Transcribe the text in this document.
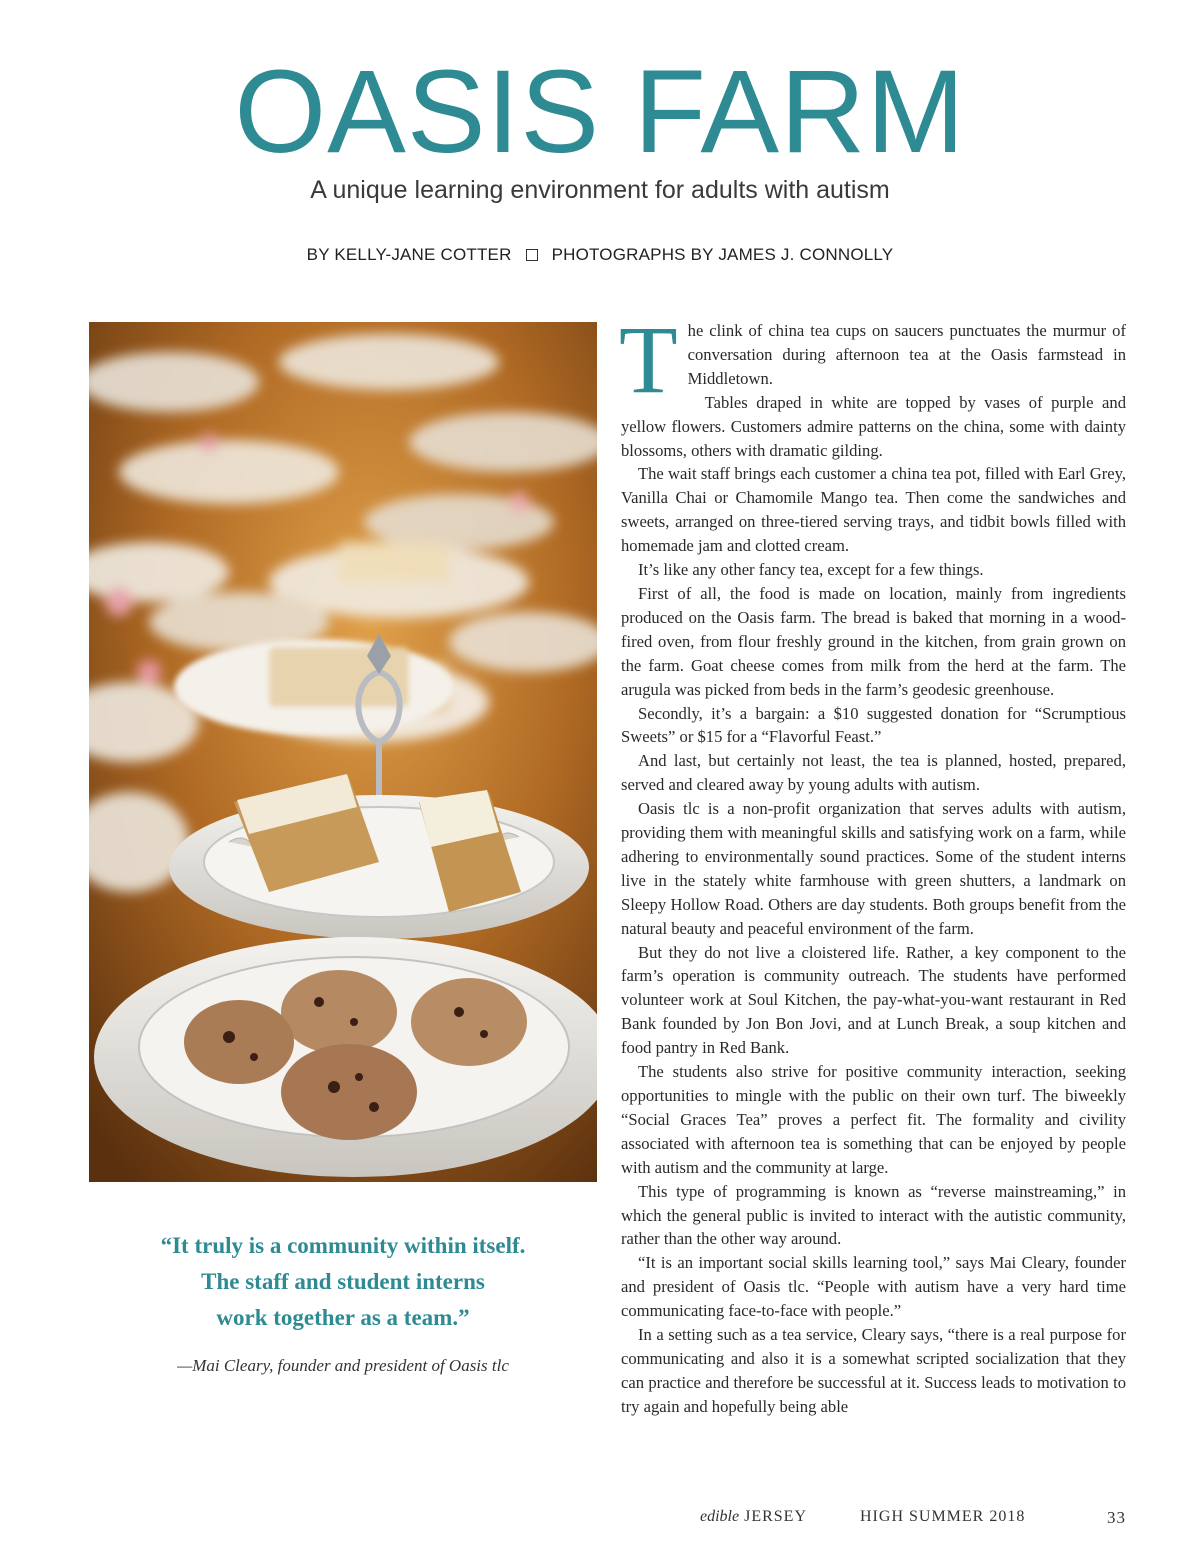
OASIS FARM

A unique learning environment for adults with autism

BY KELLY-JANE COTTER PHOTOGRAPHS BY JAMES J. CONNOLLY
“It truly is a community within itself.
The staff and student interns
work together as a team.”
—Mai Cleary, founder and president of Oasis tlc

The clink of china tea cups on saucers punctuates the murmur of conversation during afternoon tea at the Oasis farmstead in Middletown.

Tables draped in white are topped by vases of purple and yellow flowers. Customers admire patterns on the china, some with dainty blossoms, others with dramatic gilding.

The wait staff brings each customer a china tea pot, filled with Earl Grey, Vanilla Chai or Chamomile Mango tea. Then come the sandwiches and sweets, arranged on three-tiered serving trays, and tidbit bowls filled with homemade jam and clotted cream.

It’s like any other fancy tea, except for a few things.

First of all, the food is made on location, mainly from ingredients produced on the Oasis farm. The bread is baked that morning in a wood-fired oven, from flour freshly ground in the kitchen, from grain grown on the farm. Goat cheese comes from milk from the herd at the farm. The arugula was picked from beds in the farm’s geodesic greenhouse.

Secondly, it’s a bargain: a $10 suggested donation for “Scrumptious Sweets” or $15 for a “Flavorful Feast.”

And last, but certainly not least, the tea is planned, hosted, prepared, served and cleared away by young adults with autism.

Oasis tlc is a non-profit organization that serves adults with autism, providing them with meaningful skills and satisfying work on a farm, while adhering to environmentally sound practices. Some of the student interns live in the stately white farmhouse with green shutters, a landmark on Sleepy Hollow Road. Others are day students. Both groups benefit from the natural beauty and peaceful environment of the farm.

But they do not live a cloistered life. Rather, a key component to the farm’s operation is community outreach. The students have performed volunteer work at Soul Kitchen, the pay-what-you-want restaurant in Red Bank founded by Jon Bon Jovi, and at Lunch Break, a soup kitchen and food pantry in Red Bank.

The students also strive for positive community interaction, seeking opportunities to mingle with the public on their own turf. The biweekly “Social Graces Tea” proves a perfect fit. The formality and civility associated with afternoon tea is something that can be enjoyed by people with autism and the community at large.

This type of programming is known as “reverse mainstreaming,” in which the general public is invited to interact with the autistic community, rather than the other way around.

“It is an important social skills learning tool,” says Mai Cleary, founder and president of Oasis tlc. “People with autism have a very hard time communicating face-to-face with people.”

In a setting such as a tea service, Cleary says, “there is a real purpose for communicating and also it is a somewhat scripted socialization that they can practice and therefore be successful at it. Success leads to motivation to try again and hopefully being able

edible JERSEY	HIGH SUMMER 2018	33
